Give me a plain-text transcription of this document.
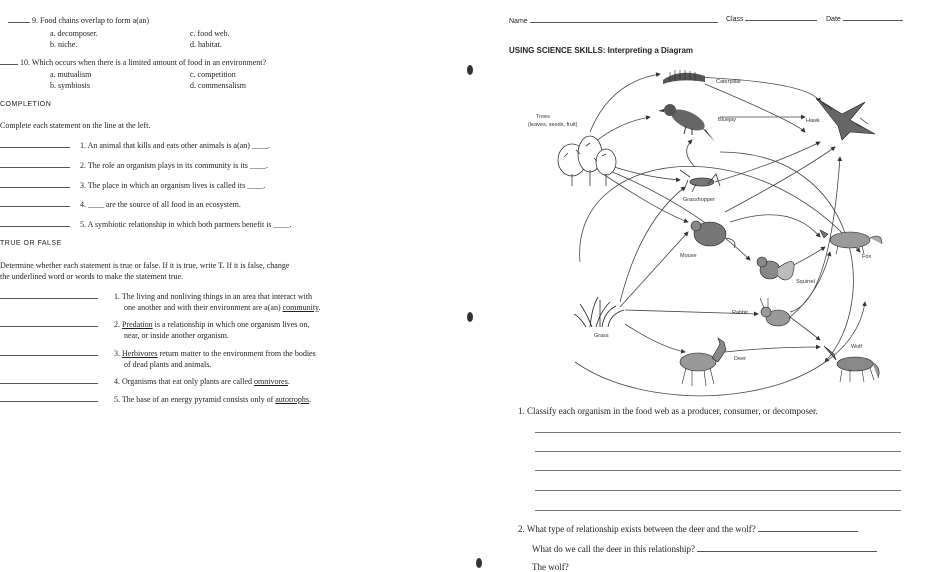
9. Food chains overlap to form a(an)
a. decomposer.	c. food web.
b. niche.	d. habitat.
10. Which occurs when there is a limited amount of food in an environment?
a. mutualism	c. competition
b. symbiosis	d. commensalism
COMPLETION
Complete each statement on the line at the left.
1. An animal that kills and eats other animals is a(an) ____.
2. The role an organism plays in its community is its ____.
3. The place in which an organism lives is called its ____.
4. ____ are the source of all food in an ecosystem.
5. A symbiotic relationship in which both partners benefit is ____.
TRUE OR FALSE
Determine whether each statement is true or false. If it is true, write T. If it is false, change
the underlined word or words to make the statement true.
1. The living and nonliving things in an area that interact with
one another and with their environment are a(an) community.
2. Predation is a relationship in which one organism lives on,
near, or inside another organism.
3. Herbivores return matter to the environment from the bodies
of dead plants and animals.
4. Organisms that eat only plants are called omnivores.
5. The base of an energy pyramid consists only of autotrophs.
Name	Class	Date
USING SCIENCE SKILLS: Interpreting a Diagram
Caterpillar
Trees
(leaves, seeds, fruit)
Bluejay	Hawk
Grasshopper
Mouse	Fox
Squirrel
Rabbit
Grass
Wolf
Deer
1. Classify each organism in the food web as a producer, consumer, or decomposer.
2. What type of relationship exists between the deer and the wolf?
What do we call the deer in this relationship?
The wolf?
